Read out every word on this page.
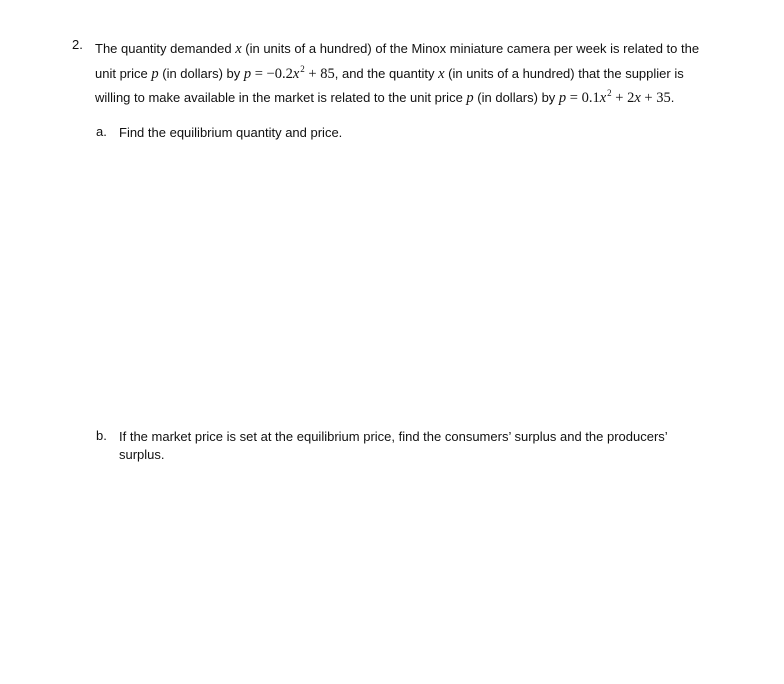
2. The quantity demanded x (in units of a hundred) of the Minox miniature camera per week is related to the
unit price p (in dollars) by $p = -0.2x^2 + 85$, and the quantity x (in units of a hundred) that the supplier is
willing to make available in the market is related to the unit price p (in dollars) by $p = 0.1x^2 + 2x + 35$.
a. Find the equilibrium quantity and price.
b. If the market price is set at the equilibrium price, find the consumers’ surplus and the producers’
surplus.
